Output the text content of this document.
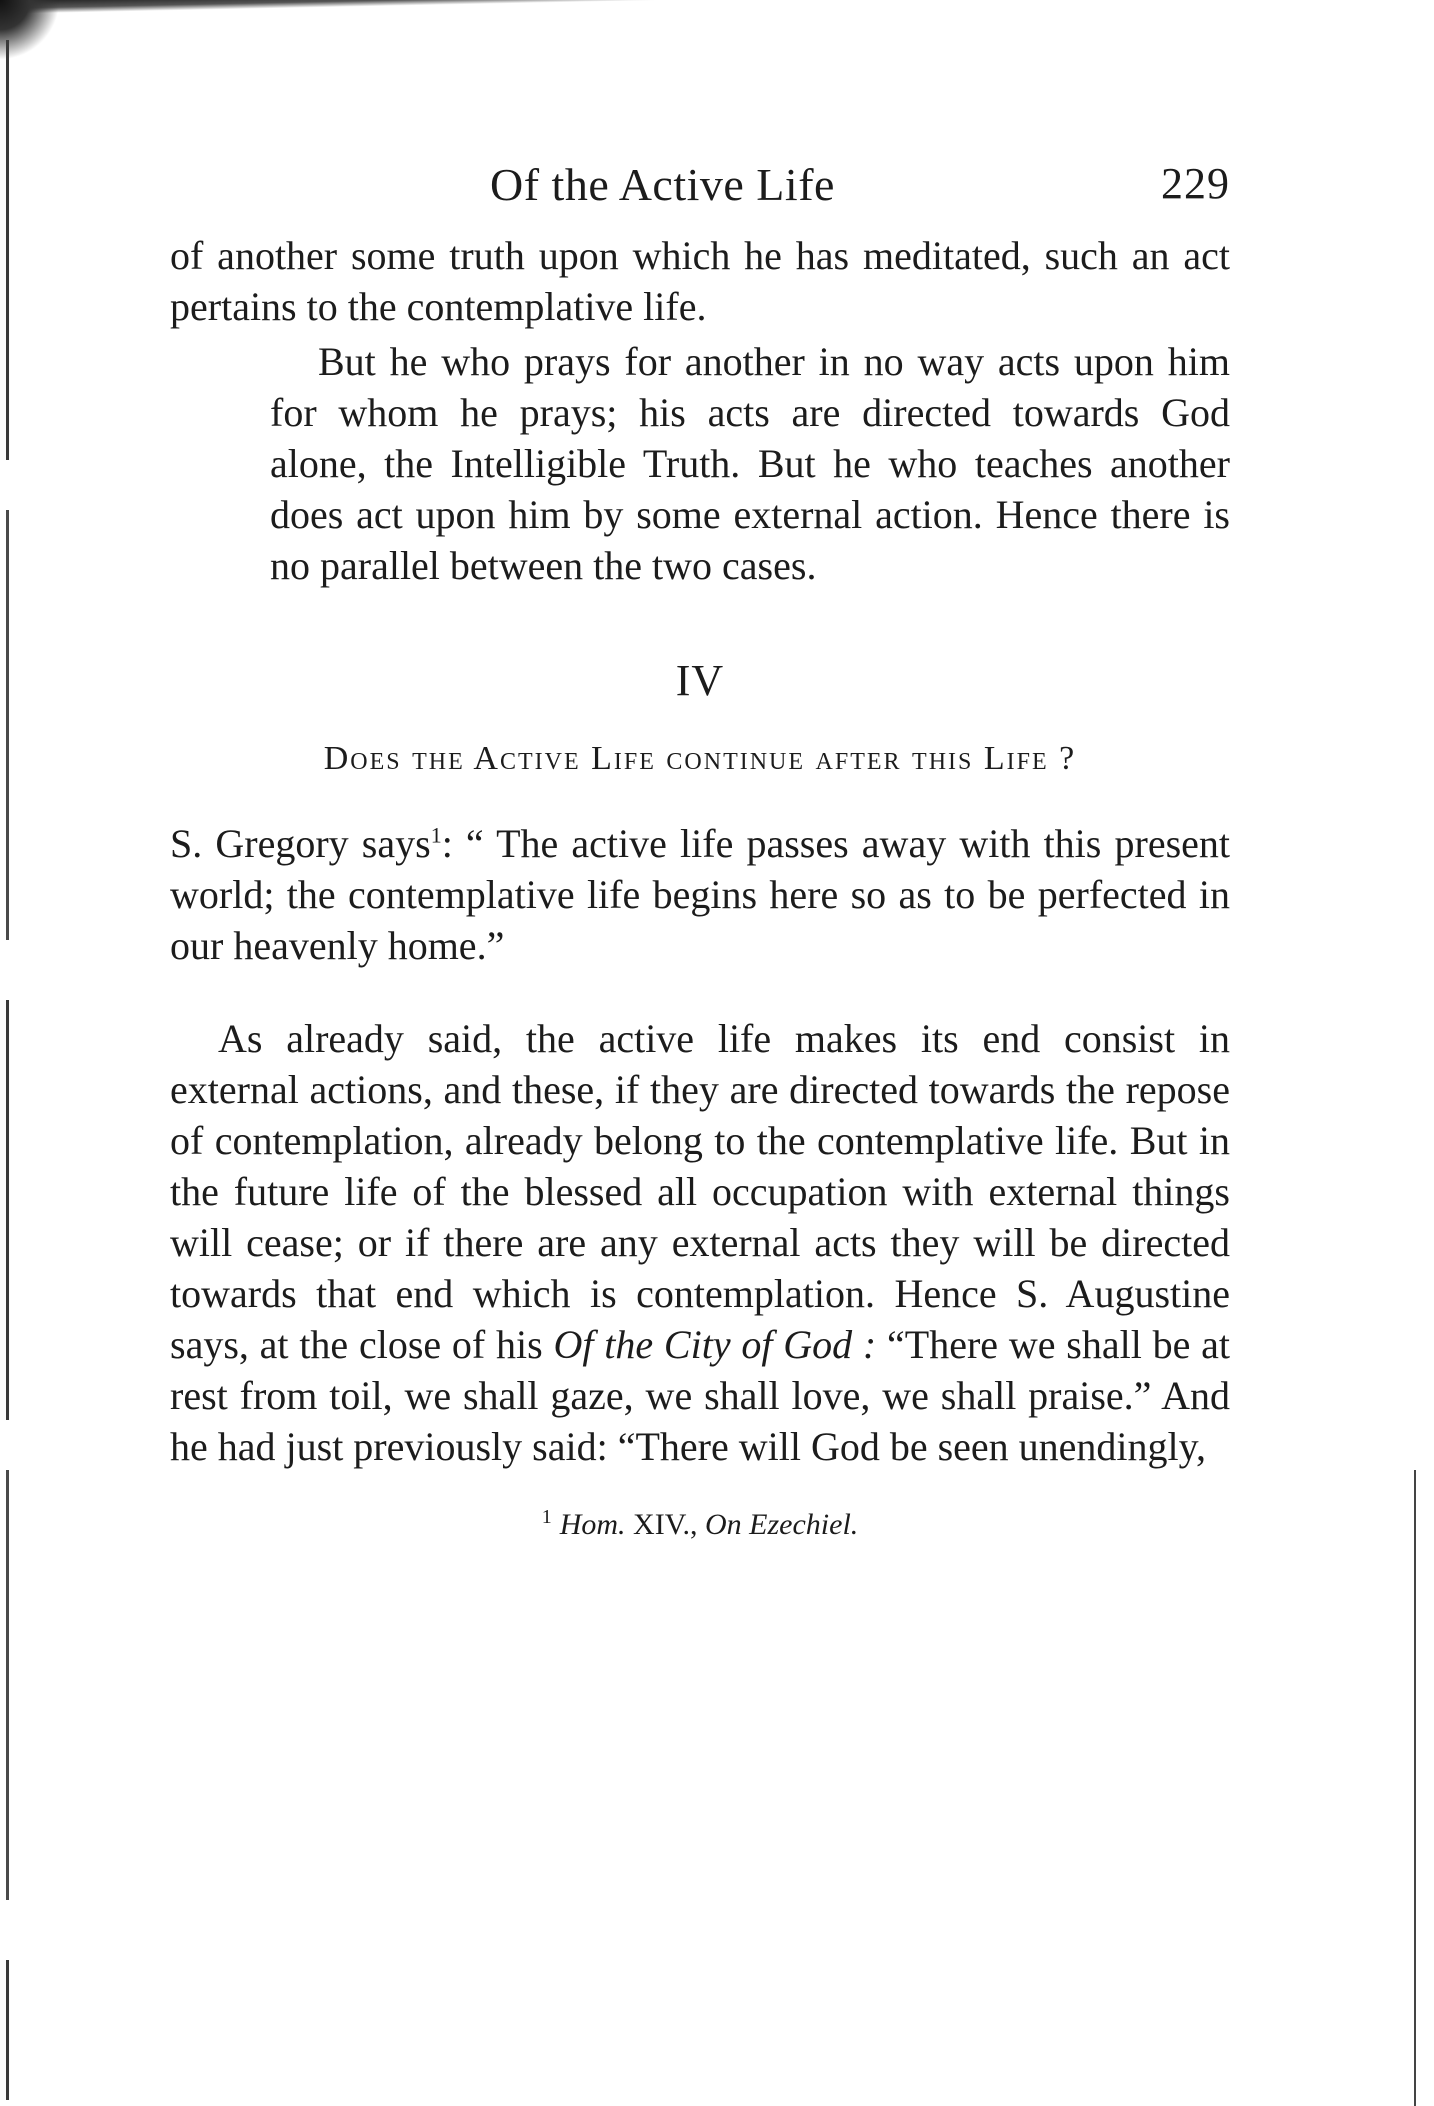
Of the Active Life	229

of another some truth upon which he has meditated, such an act pertains to the contemplative life.

But he who prays for another in no way acts upon him for whom he prays; his acts are directed towards God alone, the Intelligible Truth. But he who teaches another does act upon him by some external action. Hence there is no parallel between the two cases.

IV
Does the Active Life continue after this Life ?

S. Gregory says$^1$: “ The active life passes away with this present world; the contemplative life begins here so as to be perfected in our heavenly home.”

As already said, the active life makes its end consist in external actions, and these, if they are directed towards the repose of contemplation, already belong to the contemplative life. But in the future life of the blessed all occupation with external things will cease; or if there are any external acts they will be directed towards that end which is contemplation. Hence S. Augustine says, at the close of his Of the City of God : “There we shall be at rest from toil, we shall gaze, we shall love, we shall praise.” And he had just previously said: “There will God be seen unendingly,

$^1$ Hom. XIV., On Ezechiel.
